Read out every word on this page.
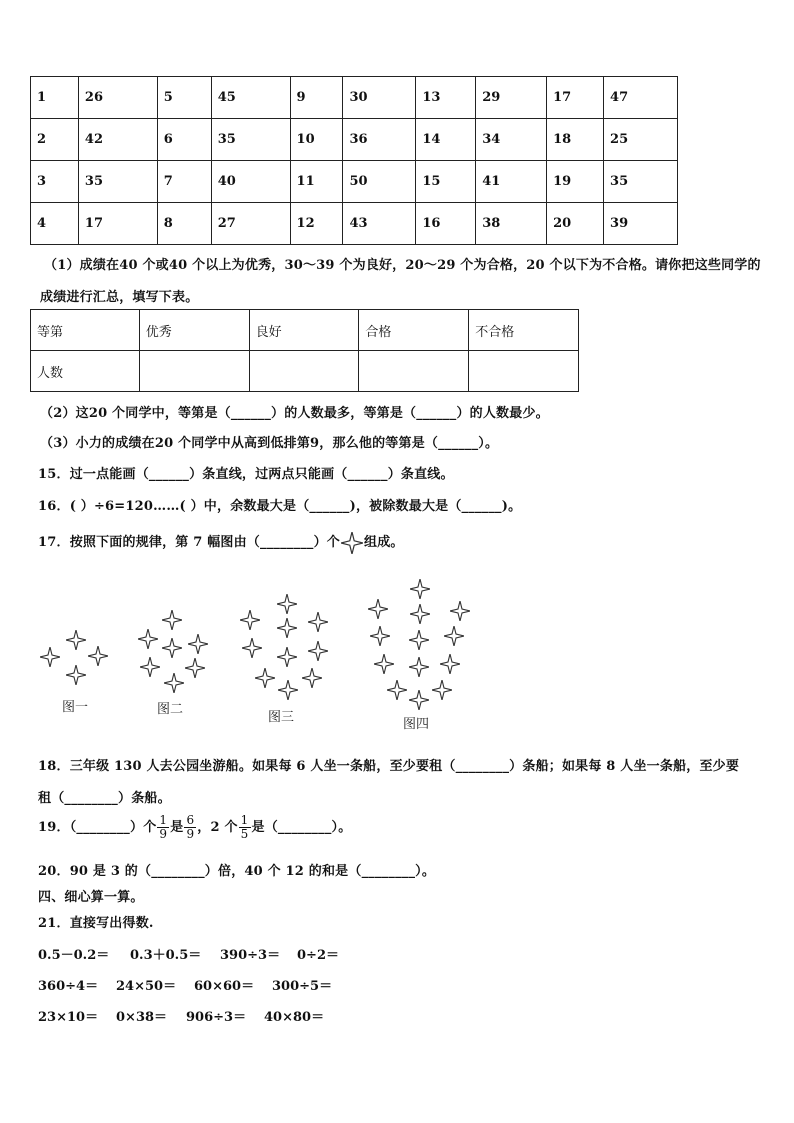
1	26	5	45	9	30	13	29	17	47
2	42	6	35	10	36	14	34	18	25
3	35	7	40	11	50	15	41	19	35
4	17	8	27	12	43	16	38	20	39
（1）成绩在40 个或40 个以上为优秀，30～39 个为良好，20～29 个为合格，20 个以下为不合格。请你把这些同学的
成绩进行汇总，填写下表。
等第	优秀	良好	合格	不合格
人数				
（2）这20 个同学中，等第是（______）的人数最多，等第是（______）的人数最少。
（3）小力的成绩在20 个同学中从高到低排第9，那么他的等第是（______）。
15．过一点能画（______）条直线，过两点只能画（______）条直线。
16．( ）÷6=120……( ）中，余数最大是（______)，被除数最大是（______)。
17．按照下面的规律，第 7 幅图由（________）个 组成。
图一	图二
图三	图四
18．三年级 130 人去公园坐游船。如果每 6 人坐一条船，至少要租（________）条船；如果每 8 人坐一条船，至少要
租（________）条船。
19．（________）个 $\frac{1}{9}$ 是 $\frac{6}{9}$ ，2 个 $\frac{1}{5}$ 是（________）。
20．90 是 3 的（________）倍，40 个 12 的和是（________）。
四、细心算一算。
21．直接写出得数.
0.5－0.2＝ 0.3＋0.5＝ 390÷3＝ 0÷2＝
360÷4＝ 24×50＝ 60×60＝ 300÷5＝
23×10＝ 0×38＝ 906÷3＝ 40×80＝
